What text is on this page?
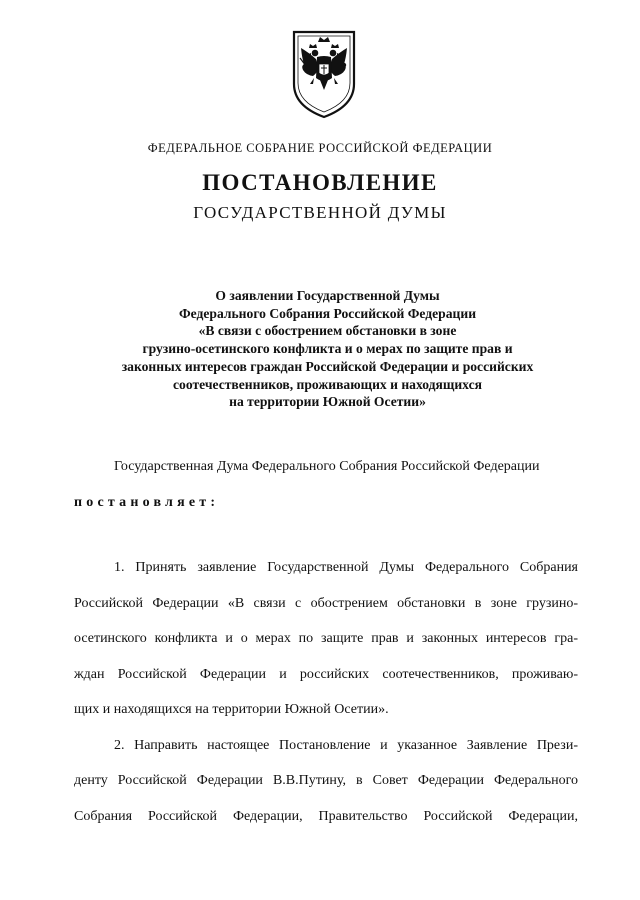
ФЕДЕРАЛЬНОЕ СОБРАНИЕ РОССИЙСКОЙ ФЕДЕРАЦИИ
ПОСТАНОВЛЕНИЕ
ГОСУДАРСТВЕННОЙ ДУМЫ
О заявлении Государственной Думы
Федерального Собрания Российской Федерации
«В связи с обострением обстановки в зоне
грузино-осетинского конфликта и о мерах по защите прав и
законных интересов граждан Российской Федерации и российских
соотечественников, проживающих и находящихся
на территории Южной Осетии»
Государственная Дума Федерального Собрания Российской Федерации
постановляет:
1. Принять заявление Государственной Думы Федерального Собрания
Российской Федерации «В связи с обострением обстановки в зоне грузино-
осетинского конфликта и о мерах по защите прав и законных интересов гра-
ждан Российской Федерации и российских соотечественников, проживаю-
щих и находящихся на территории Южной Осетии».
2. Направить настоящее Постановление и указанное Заявление Прези-
денту Российской Федерации В.В.Путину, в Совет Федерации Федерального
Собрания Российской Федерации, Правительство Российской Федерации,
